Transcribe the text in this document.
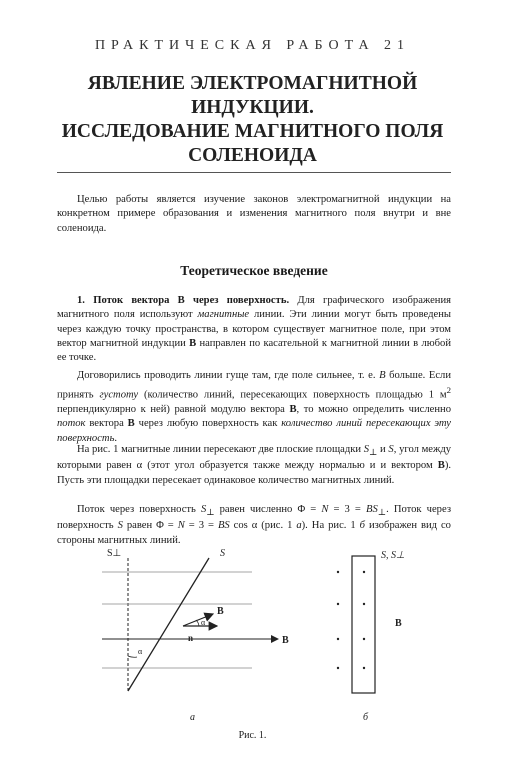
ПРАКТИЧЕСКАЯ РАБОТА 21
ЯВЛЕНИЕ ЭЛЕКТРОМАГНИТНОЙ
ИНДУКЦИИ.
ИССЛЕДОВАНИЕ МАГНИТНОГО ПОЛЯ
СОЛЕНОИДА

Целью работы является изучение законов электромагнитной индукции на конкретном примере образования и изменения магнитного поля внутри и вне соленоида.

Теоретическое введение

1. Поток вектора В через поверхность. Для графического изображения магнитного поля используют магнитные линии. Эти линии могут быть проведены через каждую точку пространства, в котором существует магнитное поле, при этом вектор магнитной индукции В направлен по касательной к магнитной линии в любой ее точке.

Договорились проводить линии гуще там, где поле сильнее, т. е. В больше. Если принять густоту (количество линий, пересекающих поверхность площадью 1 $м^2$ перпендикулярно к ней) равной модулю вектора В, то можно определить численно поток вектора В через любую поверхность как количество линий пересекающих эту поверхность.

На рис. 1 магнитные линии пересекают две плоские площадки $S_\perp$ и S, угол между которыми равен α (этот угол образуется также между нормалью и и вектором В). Пусть эти площадки пересекает одинаковое количество магнитных линий.

Поток через поверхность $S_\perp$ равен численно $\Phi = N = 3 = BS_\perp$. Поток через поверхность S равен Φ = N = 3 = BS cos α (рис. 1 а). На рис. 1 б изображен вид со стороны магнитных линий.

S⊥	S
В
В
α
α
n
а
S, S⊥
В
б
Рис. 1.
